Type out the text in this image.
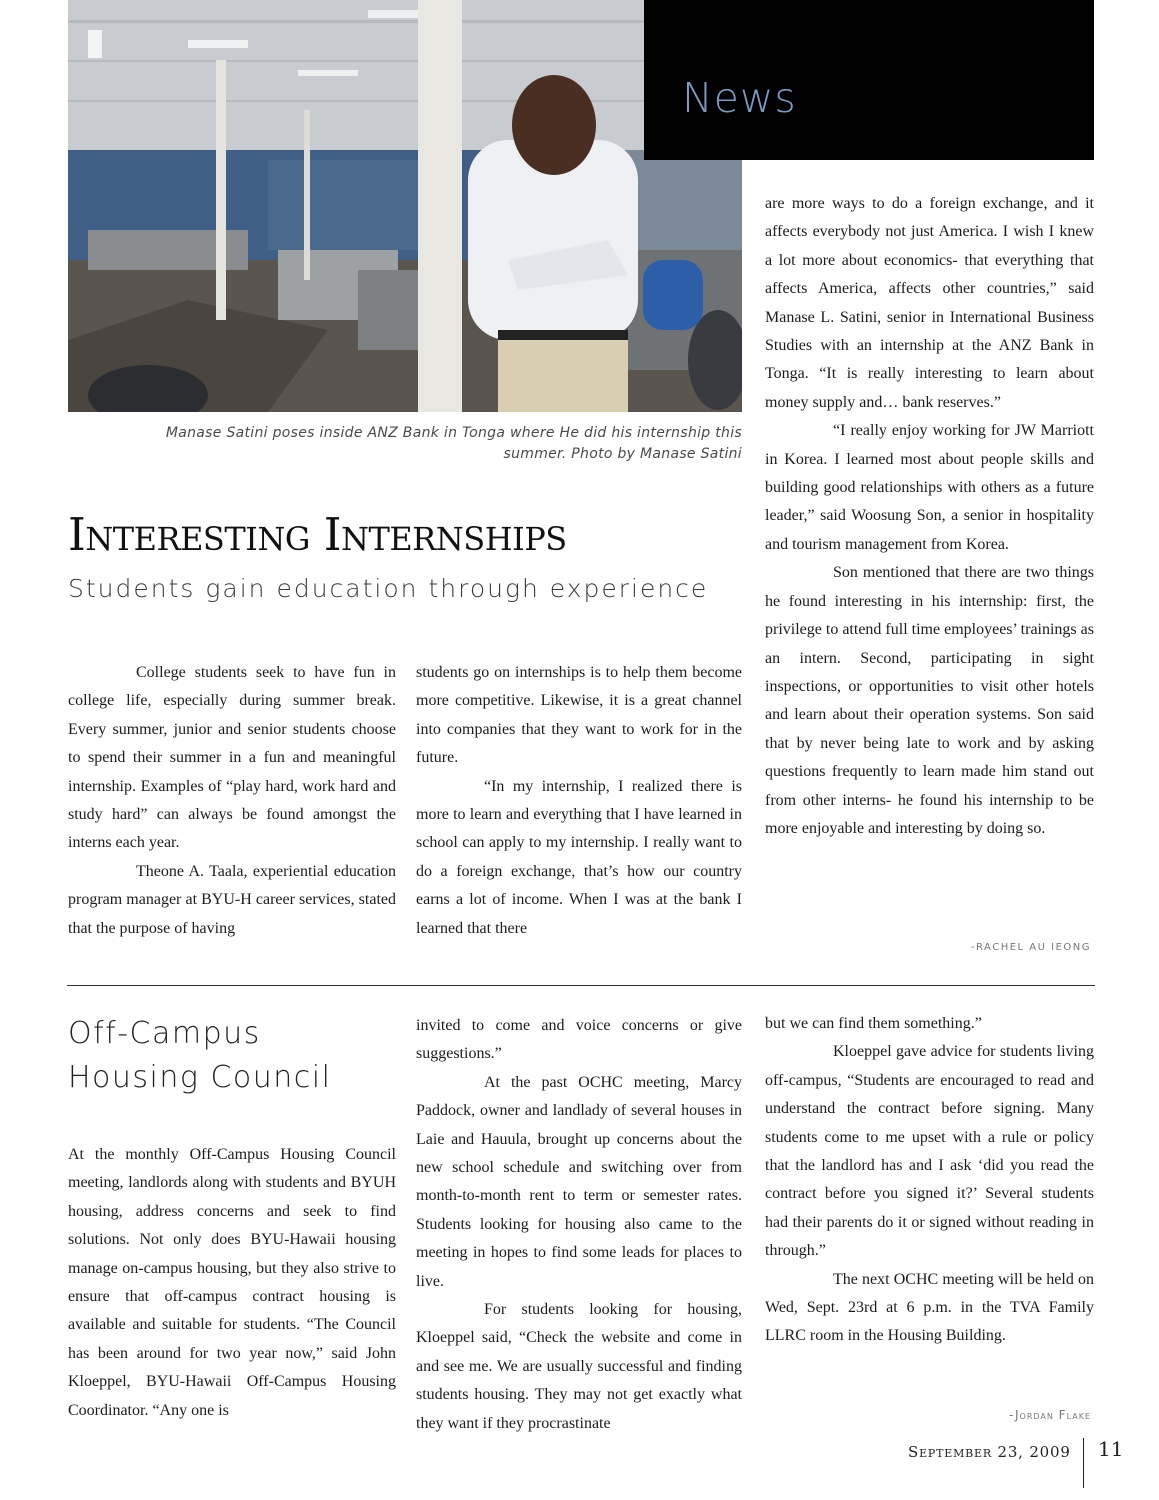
News
Manase Satini poses inside ANZ Bank in Tonga where He did his internship this summer. Photo by Manase Satini
Interesting Internships
Students gain education through experience

College students seek to have fun in college life, especially during summer break. Every summer, junior and senior students choose to spend their summer in a fun and meaningful internship. Examples of “play hard, work hard and study hard” can always be found amongst the interns each year.

Theone A. Taala, experiential education program manager at BYU-H career services, stated that the purpose of having

students go on internships is to help them become more competitive. Likewise, it is a great channel into companies that they want to work for in the future.

“In my internship, I realized there is more to learn and everything that I have learned in school can apply to my internship. I really want to do a foreign exchange, that’s how our country earns a lot of income. When I was at the bank I learned that there

are more ways to do a foreign exchange, and it affects everybody not just America. I wish I knew a lot more about economics- that everything that affects America, affects other countries,” said Manase L. Satini, senior in International Business Studies with an internship at the ANZ Bank in Tonga. “It is really interesting to learn about money supply and… bank reserves.”

“I really enjoy working for JW Marriott in Korea. I learned most about people skills and building good relationships with others as a future leader,” said Woosung Son, a senior in hospitality and tourism management from Korea.

Son mentioned that there are two things he found interesting in his internship: first, the privilege to attend full time employees’ trainings as an intern. Second, participating in sight inspections, or opportunities to visit other hotels and learn about their operation systems. Son said that by never being late to work and by asking questions frequently to learn made him stand out from other interns- he found his internship to be more enjoyable and interesting by doing so.

-RACHEL AU IEONG
Off-Campus Housing Council

At the monthly Off-Campus Housing Council meeting, landlords along with students and BYUH housing, address concerns and seek to find solutions. Not only does BYU-Hawaii housing manage on-campus housing, but they also strive to ensure that off-campus contract housing is available and suitable for students. “The Council has been around for two year now,” said John Kloeppel, BYU-Hawaii Off-Campus Housing Coordinator. “Any one is

invited to come and voice concerns or give suggestions.”

At the past OCHC meeting, Marcy Paddock, owner and landlady of several houses in Laie and Hauula, brought up concerns about the new school schedule and switching over from month-to-month rent to term or semester rates. Students looking for housing also came to the meeting in hopes to find some leads for places to live.

For students looking for housing, Kloeppel said, “Check the website and come in and see me. We are usually successful and finding students housing. They may not get exactly what they want if they procrastinate

but we can find them something.”

Kloeppel gave advice for students living off-campus, “Students are encouraged to read and understand the contract before signing. Many students come to me upset with a rule or policy that the landlord has and I ask ‘did you read the contract before you signed it?’ Several students had their parents do it or signed without reading in through.”

The next OCHC meeting will be held on Wed, Sept. 23rd at 6 p.m. in the TVA Family LLRC room in the Housing Building.

-Jordan Flake
September 23, 2009 11
